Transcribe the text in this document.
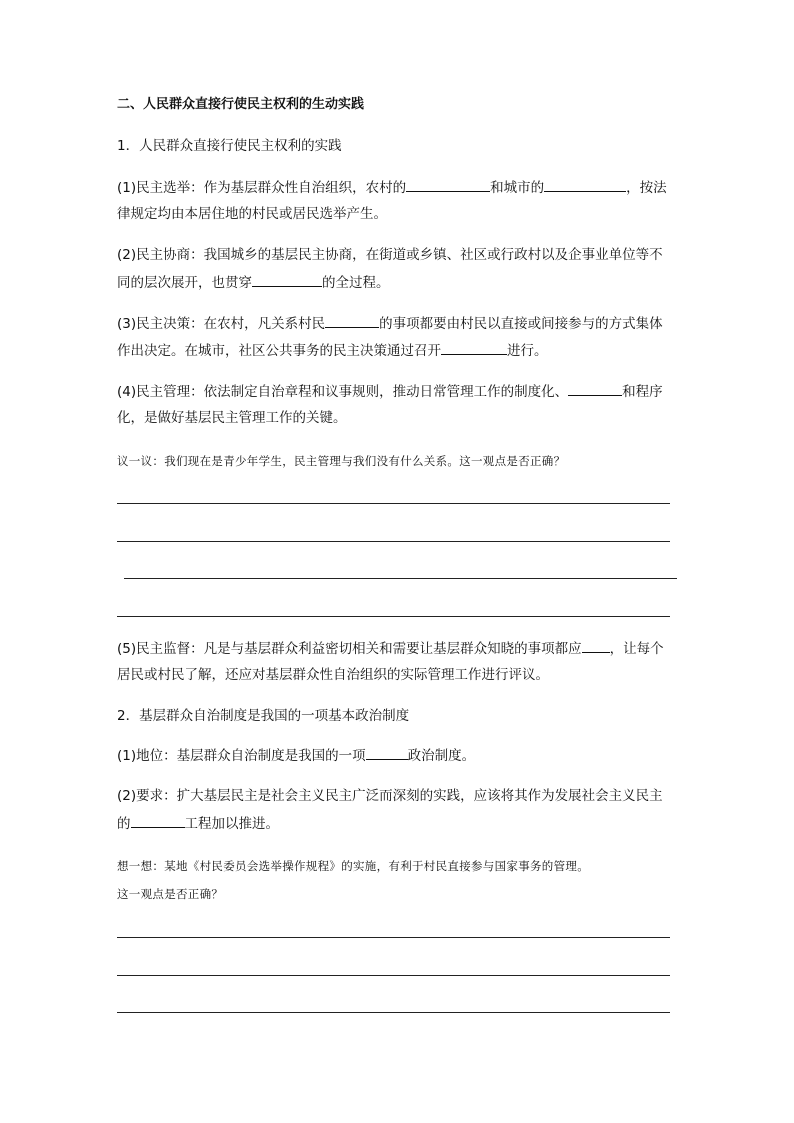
二、人民群众直接行使民主权利的生动实践
1．人民群众直接行使民主权利的实践
(1)民主选举：作为基层群众性自治组织，农村的	和城市的	，按法
律规定均由本居住地的村民或居民选举产生。
(2)民主协商：我国城乡的基层民主协商，在街道或乡镇、社区或行政村以及企事业单位等不
同的层次展开，也贯穿	的全过程。
(3)民主决策：在农村，凡关系村民	的事项都要由村民以直接或间接参与的方式集体
作出决定。在城市，社区公共事务的民主决策通过召开	进行。
(4)民主管理：依法制定自治章程和议事规则，推动日常管理工作的制度化、	和程序
化，是做好基层民主管理工作的关键。
议一议：我们现在是青少年学生，民主管理与我们没有什么关系。这一观点是否正确？
(5)民主监督：凡是与基层群众利益密切相关和需要让基层群众知晓的事项都应 ，让每个
居民或村民了解，还应对基层群众性自治组织的实际管理工作进行评议。
2．基层群众自治制度是我国的一项基本政治制度
(1)地位：基层群众自治制度是我国的一项	政治制度。
(2)要求：扩大基层民主是社会主义民主广泛而深刻的实践，应该将其作为发展社会主义民主
的	工程加以推进。
想一想：某地《村民委员会选举操作规程》的实施，有利于村民直接参与国家事务的管理。
这一观点是否正确？
